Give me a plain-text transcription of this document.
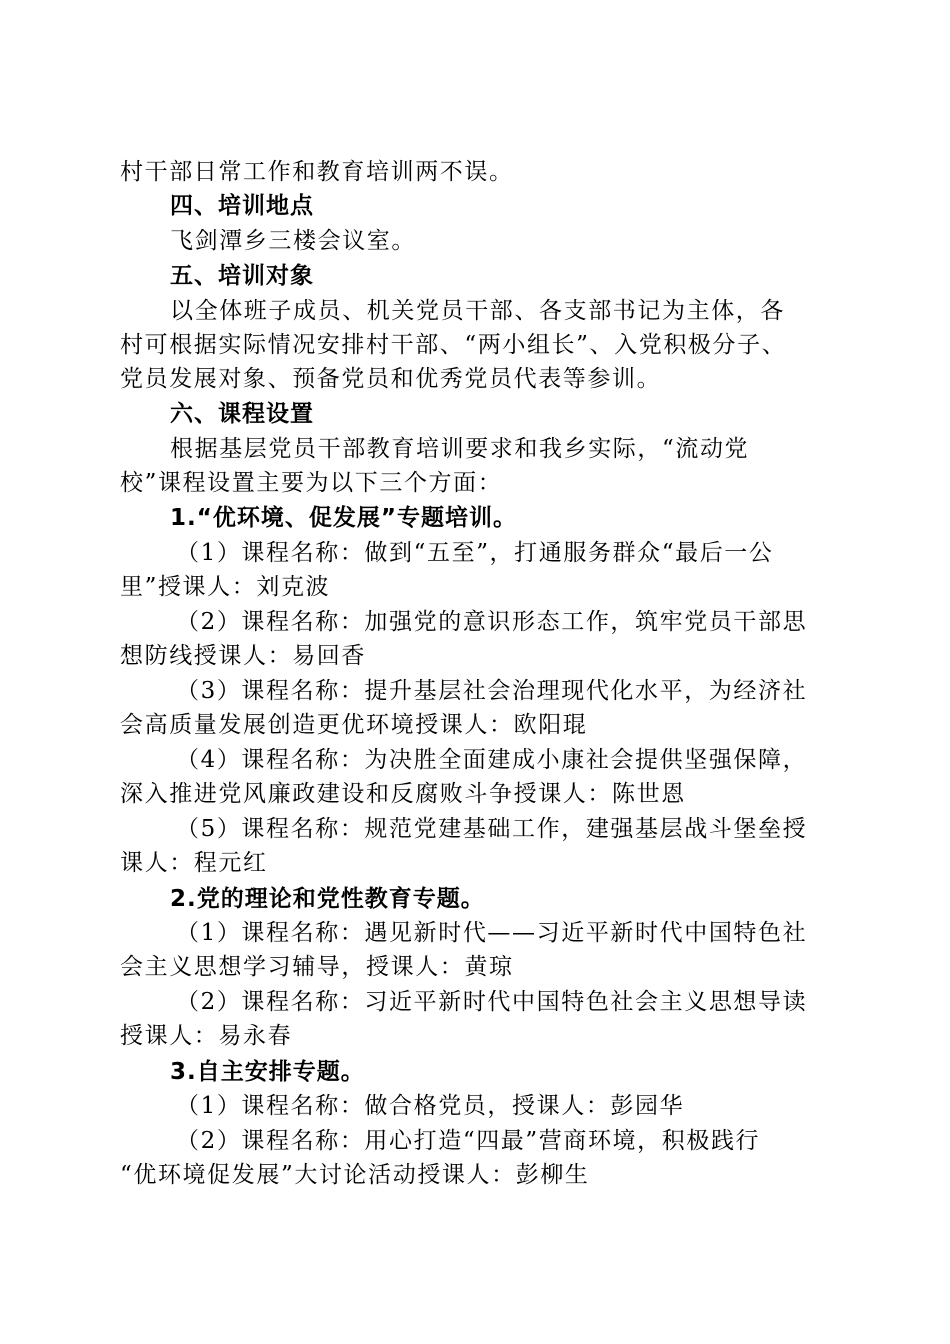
村干部日常工作和教育培训两不误。
四、培训地点
飞剑潭乡三楼会议室。
五、培训对象
以全体班子成员、机关党员干部、各支部书记为主体，各
村可根据实际情况安排村干部、“两小组长”、入党积极分子、
党员发展对象、预备党员和优秀党员代表等参训。
六、课程设置
根据基层党员干部教育培训要求和我乡实际，“流动党
校”课程设置主要为以下三个方面：
1.“优环境、促发展”专题培训。
（1）课程名称：做到“五至”，打通服务群众“最后一公
里”授课人：刘克波
（2）课程名称：加强党的意识形态工作，筑牢党员干部思
想防线授课人：易回香
（3）课程名称：提升基层社会治理现代化水平，为经济社
会高质量发展创造更优环境授课人：欧阳琨
（4）课程名称：为决胜全面建成小康社会提供坚强保障，
深入推进党风廉政建设和反腐败斗争授课人：陈世恩
（5）课程名称：规范党建基础工作，建强基层战斗堡垒授
课人：程元红
2.党的理论和党性教育专题。
（1）课程名称：遇见新时代——习近平新时代中国特色社
会主义思想学习辅导，授课人：黄琼
（2）课程名称：习近平新时代中国特色社会主义思想导读
授课人：易永春
3.自主安排专题。
（1）课程名称：做合格党员，授课人：彭园华
（2）课程名称：用心打造“四最”营商环境，积极践行
“优环境促发展”大讨论活动授课人：彭柳生
